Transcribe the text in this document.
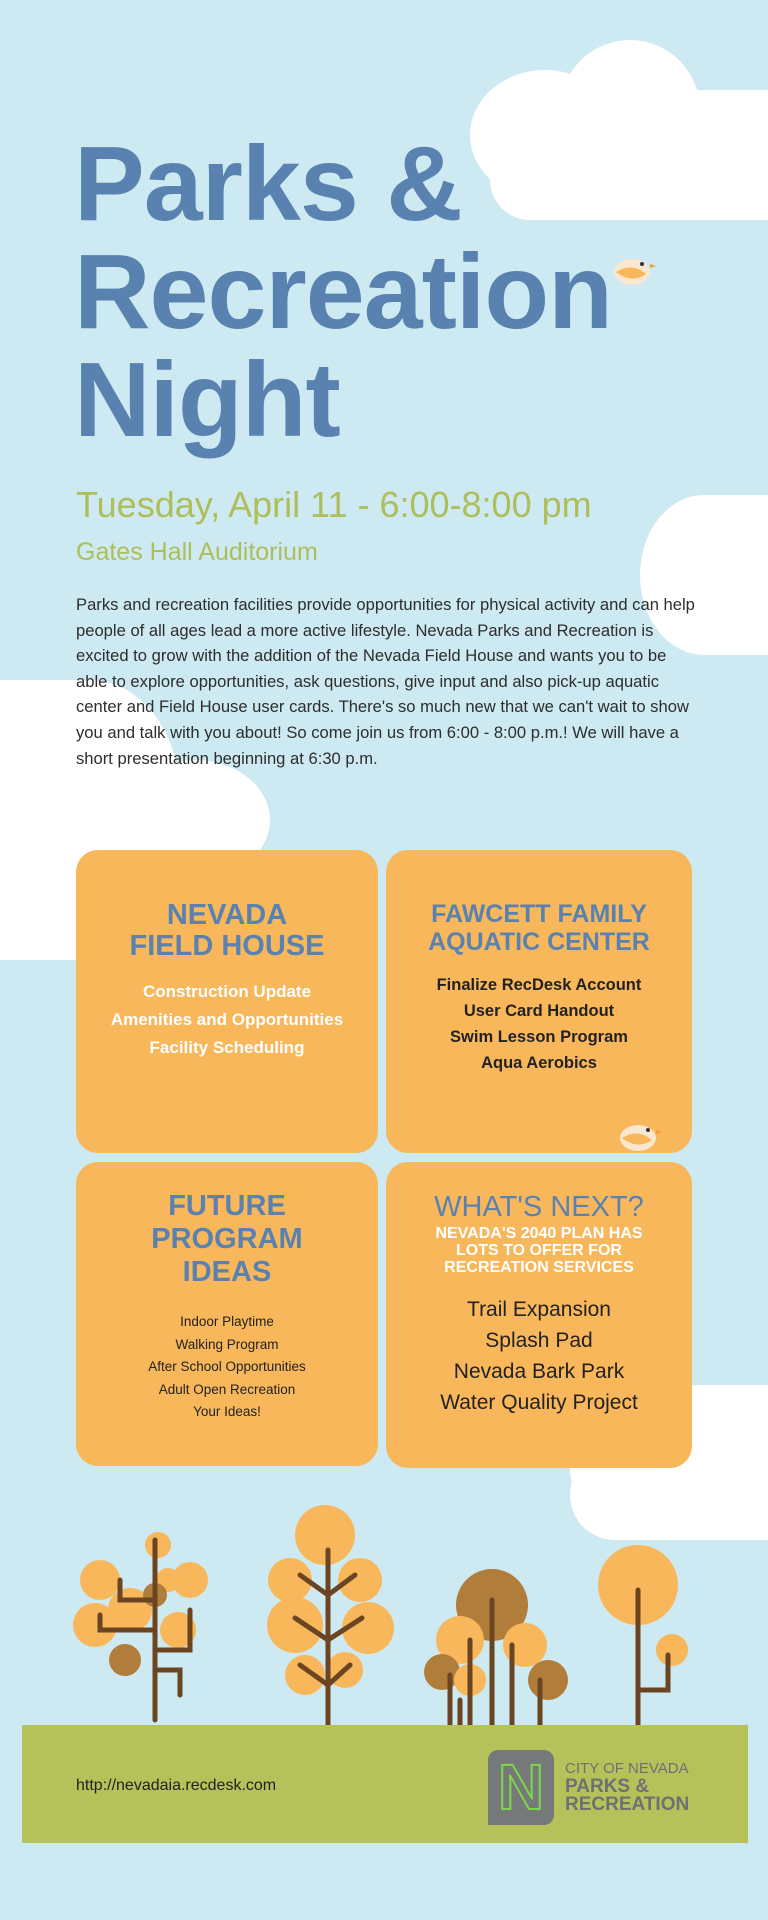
Parks &
Recreation
Night
Tuesday, April 11 - 6:00-8:00 pm
Gates Hall Auditorium
Parks and recreation facilities provide opportunities for physical activity and can help people of all ages lead a more active lifestyle. Nevada Parks and Recreation is excited to grow with the addition of the Nevada Field House and wants you to be able to explore opportunities, ask questions, give input and also pick-up aquatic center and Field House user cards. There's so much new that we can't wait to show you and talk with you about! So come join us from 6:00 - 8:00 p.m.! We will have a short presentation beginning at 6:30 p.m.
NEVADA
FIELD HOUSE
Construction Update
Amenities and Opportunities
Facility Scheduling
FAWCETT FAMILY
AQUATIC CENTER
Finalize RecDesk Account
User Card Handout
Swim Lesson Program
Aqua Aerobics
FUTURE
PROGRAM
IDEAS
Indoor Playtime
Walking Program
After School Opportunities
Adult Open Recreation
Your Ideas!
WHAT'S NEXT?
NEVADA'S 2040 PLAN HAS
LOTS TO OFFER FOR
RECREATION SERVICES
Trail Expansion
Splash Pad
Nevada Bark Park
Water Quality Project
http://nevadaia.recdesk.com	N	CITY OF NEVADA
PARKS &
RECREATION
